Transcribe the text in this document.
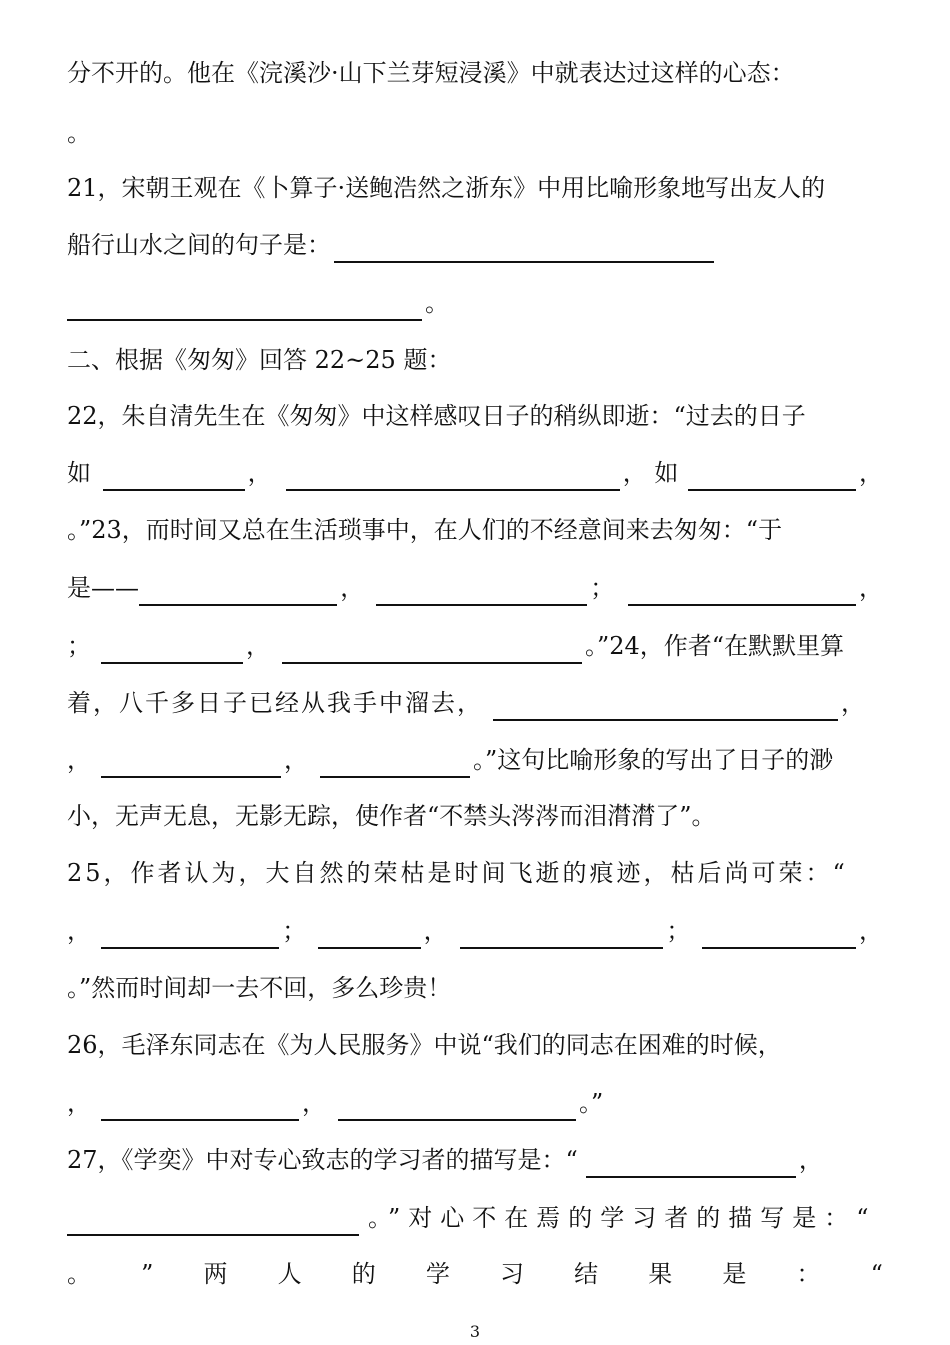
分不开的。他在《浣溪沙·山下兰芽短浸溪》中就表达过这样的心态：
。
21，宋朝王观在《卜算子·送鲍浩然之浙东》中用比喻形象地写出友人的
船行山水之间的句子是：
。
二、根据《匆匆》回答 22~25 题：
22，朱自清先生在《匆匆》中这样感叹日子的稍纵即逝：“过去的日子
如	，	， 如	，
。”23，而时间又总在生活琐事中，在人们的不经意间来去匆匆：“于
是——	，	；	，
；	，	。”24，作者“在默默里算
着，八千多日子已经从我手中溜去，	，
，	，	。”这句比喻形象的写出了日子的渺
小，无声无息，无影无踪，使作者“不禁头涔涔而泪潸潸了”。
25，作者认为，大自然的荣枯是时间飞逝的痕迹，枯后尚可荣：“
，	；	，	；	，
。”然而时间却一去不回，多么珍贵！
26，毛泽东同志在《为人民服务》中说“我们的同志在困难的时候，
，	，	。”
27，《学奕》中对专心致志的学习者的描写是：“	，
。”对心不在焉的学习者的描写是：“
。 ” 两 人 的 学 习 结 果 是 ： “
3
